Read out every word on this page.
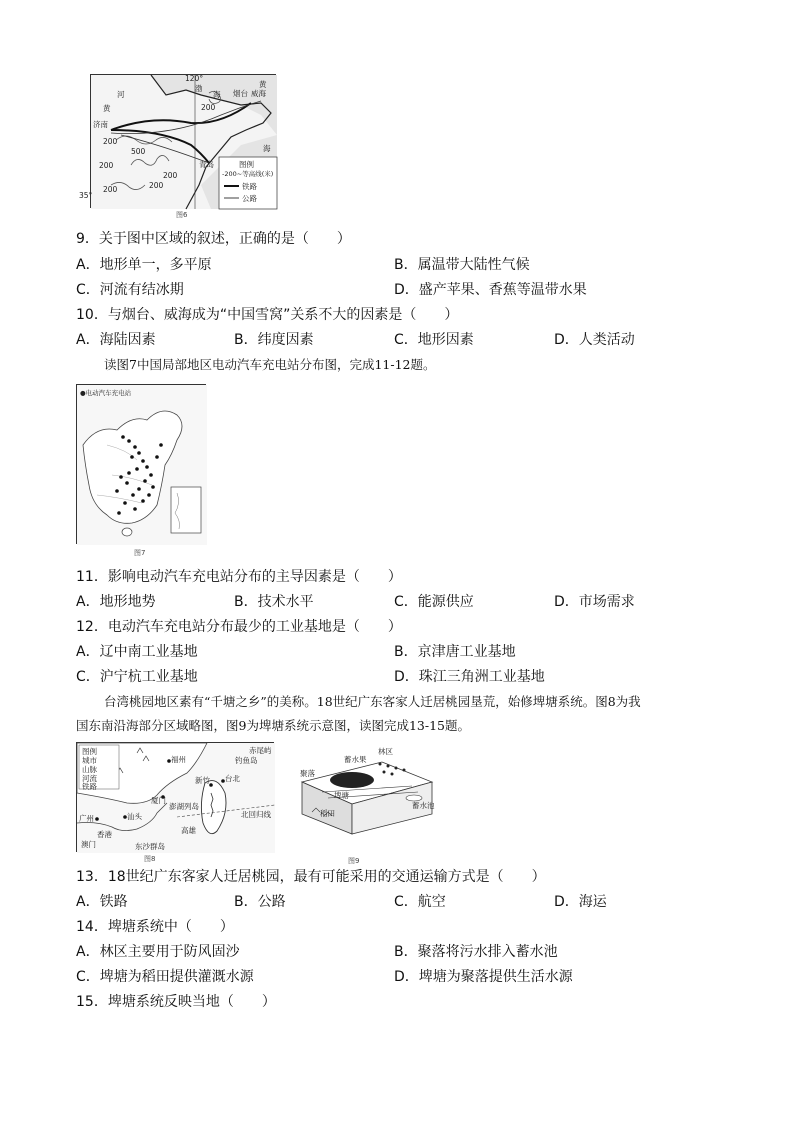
120°
35°
渤
海
黄
海
黄
河
济南
烟台 威海
青岛
200
500
200
200	200
200
200
图例
-200~等高线(米)
铁路
公路
图6
9．关于图中区域的叙述，正确的是（　　）
A．地形单一，多平原	B．属温带大陆性气候
C．河流有结冰期	D．盛产苹果、香蕉等温带水果
10．与烟台、威海成为“中国雪窝”关系不大的因素是（　　）
A．海陆因素	B．纬度因素	C．地形因素	D．人类活动
读图7中国局部地区电动汽车充电站分布图，完成11-12题。
●电动汽车充电站
图7
11．影响电动汽车充电站分布的主导因素是（　　）
A．地形地势	B．技术水平	C．能源供应	D．市场需求
12．电动汽车充电站分布最少的工业基地是（　　）
A．辽中南工业基地	B．京津唐工业基地
C．沪宁杭工业基地	D．珠江三角洲工业基地
台湾桃园地区素有“千塘之乡”的美称。18世纪广东客家人迁居桃园垦荒，始修埤塘系统。图8为我
国东南沿海部分区域略图，图9为埤塘系统示意图，读图完成13-15题。
图例
城市
山脉
河流
铁路
福州
厦门
广州	汕头
新竹 台北
澎湖列岛
高雄
钓鱼岛
赤尾屿
东沙群岛
北回归线
香港
澳门
图8
林区
蓄水果
聚落
埤塘
稻田
蓄水池
图9
13．18世纪广东客家人迁居桃园，最有可能采用的交通运输方式是（　　）
A．铁路	B．公路	C．航空	D．海运
14．埤塘系统中（　　）
A．林区主要用于防风固沙	B．聚落将污水排入蓄水池
C．埤塘为稻田提供灌溉水源	D．埤塘为聚落提供生活水源
15．埤塘系统反映当地（　　）
